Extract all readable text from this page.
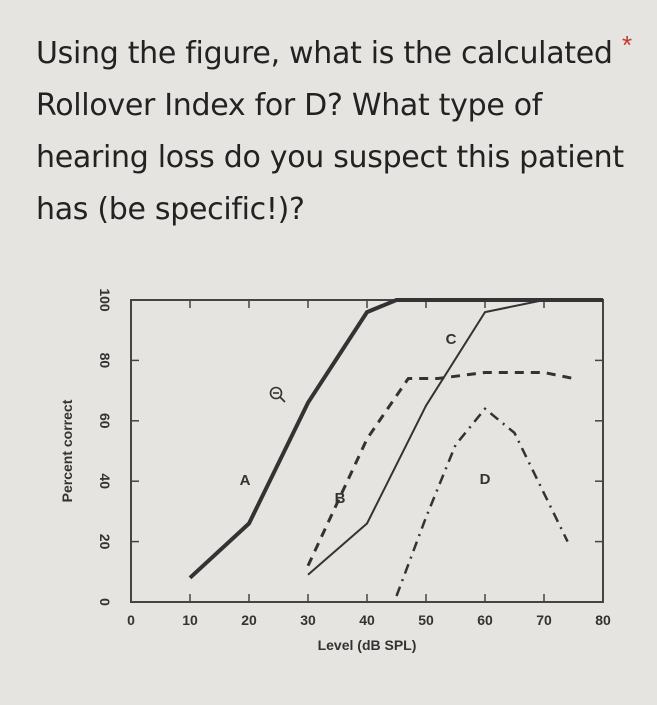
Using the figure, what is the calculated Rollover Index for D? What type of hearing loss do you suspect this patient has (be specific!)?
*
0	10	20	30	40	50	60	70	80
0
20
40
60
80
100
A
B
C
D
Percent correct
Level (dB SPL)
